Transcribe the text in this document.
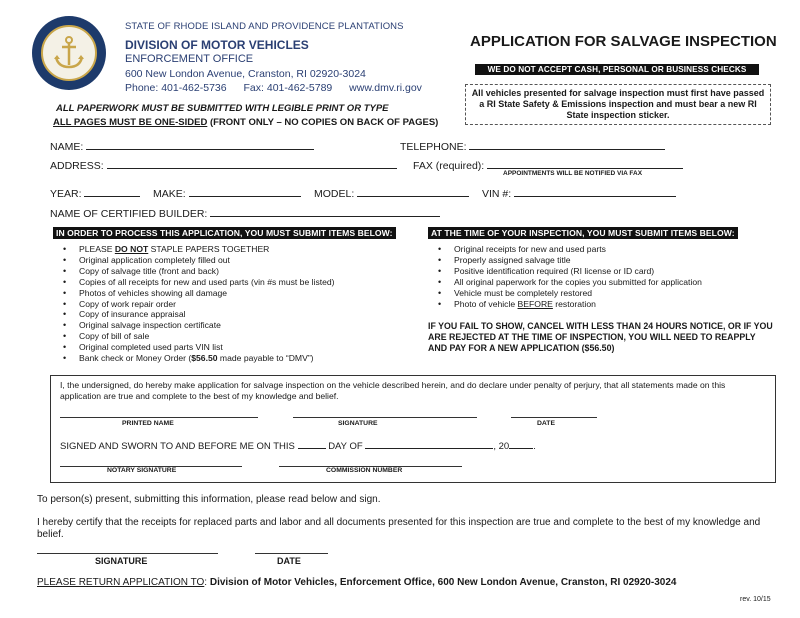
STATE OF RHODE ISLAND AND PROVIDENCE PLANTATIONS
DIVISION OF MOTOR VEHICLES
ENFORCEMENT OFFICE
600 New London Avenue, Cranston, RI 02920-3024
Phone: 401-462-5736 Fax: 401-462-5789 www.dmv.ri.gov
APPLICATION FOR SALVAGE INSPECTION
WE DO NOT ACCEPT CASH, PERSONAL OR BUSINESS CHECKS
All vehicles presented for salvage inspection must first have passed a RI State Safety & Emissions inspection and must bear a new RI State inspection sticker.
ALL PAPERWORK MUST BE SUBMITTED WITH LEGIBLE PRINT OR TYPE
ALL PAGES MUST BE ONE-SIDED (FRONT ONLY – NO COPIES ON BACK OF PAGES)
NAME:	TELEPHONE:
ADDRESS:	FAX (required):
APPOINTMENTS WILL BE NOTIFIED VIA FAX
YEAR:	MAKE:	MODEL:	VIN #:
NAME OF CERTIFIED BUILDER:
IN ORDER TO PROCESS THIS APPLICATION, YOU MUST SUBMIT ITEMS BELOW:
• PLEASE DO NOT STAPLE PAPERS TOGETHER
• Original application completely filled out
• Copy of salvage title (front and back)
• Copies of all receipts for new and used parts (vin #s must be listed)
• Photos of vehicles showing all damage
• Copy of work repair order
• Copy of insurance appraisal
• Original salvage inspection certificate
• Copy of bill of sale
• Original completed used parts VIN list
• Bank check or Money Order ($56.50 made payable to “DMV”)
AT THE TIME OF YOUR INSPECTION, YOU MUST SUBMIT ITEMS BELOW:
• Original receipts for new and used parts
• Properly assigned salvage title
• Positive identification required (RI license or ID card)
• All original paperwork for the copies you submitted for application
• Vehicle must be completely restored
• Photo of vehicle BEFORE restoration
IF YOU FAIL TO SHOW, CANCEL WITH LESS THAN 24 HOURS NOTICE, OR IF YOU ARE REJECTED AT THE TIME OF INSPECTION, YOU WILL NEED TO REAPPLY AND PAY FOR A NEW APPLICATION ($56.50)
I, the undersigned, do hereby make application for salvage inspection on the vehicle described herein, and do declare under penalty of perjury, that all statements made on this application are true and complete to the best of my knowledge and belief.
PRINTED NAME	SIGNATURE	DATE
SIGNED AND SWORN TO AND BEFORE ME ON THIS	DAY OF	, 20	.
NOTARY SIGNATURE	COMMISSION NUMBER
To person(s) present, submitting this information, please read below and sign.
I hereby certify that the receipts for replaced parts and labor and all documents presented for this inspection are true and complete to the best of my knowledge and belief.
SIGNATURE	DATE
PLEASE RETURN APPLICATION TO: Division of Motor Vehicles, Enforcement Office, 600 New London Avenue, Cranston, RI 02920-3024
rev. 10/15
